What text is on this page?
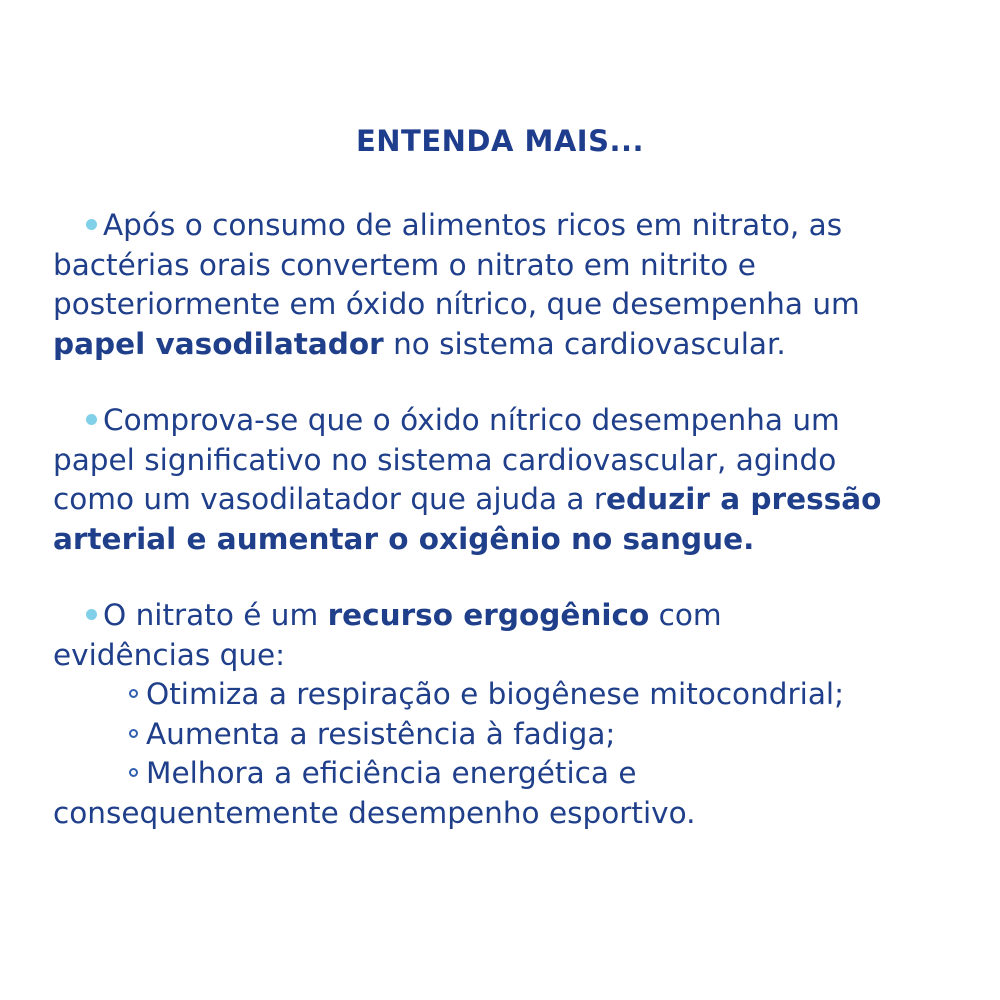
ENTENDA MAIS...

Após o consumo de alimentos ricos em nitrato, as
bactérias orais convertem o nitrato em nitrito e
posteriormente em óxido nítrico, que desempenha um
papel vasodilatador no sistema cardiovascular.

Comprova-se que o óxido nítrico desempenha um
papel significativo no sistema cardiovascular, agindo
como um vasodilatador que ajuda a reduzir a pressão
arterial e aumentar o oxigênio no sangue.

O nitrato é um recurso ergogênico com
evidências que:
Otimiza a respiração e biogênese mitocondrial;
Aumenta a resistência à fadiga;
Melhora a eficiência energética e
consequentemente desempenho esportivo.
